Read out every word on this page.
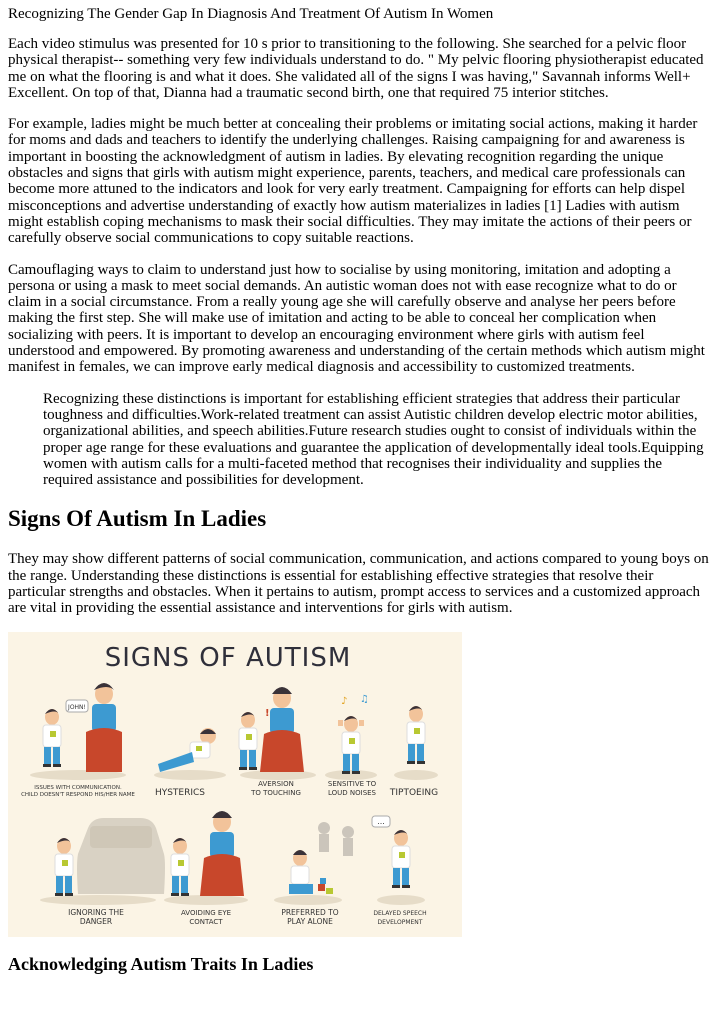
Recognizing The Gender Gap In Diagnosis And Treatment Of Autism In Women

Each video stimulus was presented for 10 s prior to transitioning to the following. She searched for a pelvic floor physical therapist-- something very few individuals understand to do. " My pelvic flooring physiotherapist educated me on what the flooring is and what it does. She validated all of the signs I was having," Savannah informs Well+ Excellent. On top of that, Dianna had a traumatic second birth, one that required 75 interior stitches.

For example, ladies might be much better at concealing their problems or imitating social actions, making it harder for moms and dads and teachers to identify the underlying challenges. Raising campaigning for and awareness is important in boosting the acknowledgment of autism in ladies. By elevating recognition regarding the unique obstacles and signs that girls with autism might experience, parents, teachers, and medical care professionals can become more attuned to the indicators and look for very early treatment. Campaigning for efforts can help dispel misconceptions and advertise understanding of exactly how autism materializes in ladies [1] Ladies with autism might establish coping mechanisms to mask their social difficulties. They may imitate the actions of their peers or carefully observe social communications to copy suitable reactions.

Camouflaging ways to claim to understand just how to socialise by using monitoring, imitation and adopting a persona or using a mask to meet social demands. An autistic woman does not with ease recognize what to do or claim in a social circumstance. From a really young age she will carefully observe and analyse her peers before making the first step. She will make use of imitation and acting to be able to conceal her complication when socializing with peers. It is important to develop an encouraging environment where girls with autism feel understood and empowered. By promoting awareness and understanding of the certain methods which autism might manifest in females, we can improve early medical diagnosis and accessibility to customized treatments.

Recognizing these distinctions is important for establishing efficient strategies that address their particular toughness and difficulties.Work-related treatment can assist Autistic children develop electric motor abilities, organizational abilities, and speech abilities.Future research studies ought to consist of individuals within the proper age range for these evaluations and guarantee the application of developmentally ideal tools.Equipping women with autism calls for a multi-faceted method that recognises their individuality and supplies the required assistance and possibilities for development.
Signs Of Autism In Ladies

They may show different patterns of social communication, communication, and actions compared to young boys on the range. Understanding these distinctions is essential for establishing effective strategies that resolve their particular strengths and obstacles. When it pertains to autism, prompt access to services and a customized approach are vital in providing the essential assistance and interventions for girls with autism.

SIGNS OF AUTISM
JOHN!
!
♪ ♫
ISSUES WITH COMMUNICATION.
CHILD DOESN'T RESPOND HIS/HER NAME HYSTERICS
AVERSION
TO TOUCHING
SENSITIVE TO
LOUD NOISES TIPTOEING
...
IGNORING THE
DANGER
AVOIDING EYE
CONTACT
PREFERRED TO
PLAY ALONE
DELAYED SPEECH
DEVELOPMENT
Acknowledging Autism Traits In Ladies
